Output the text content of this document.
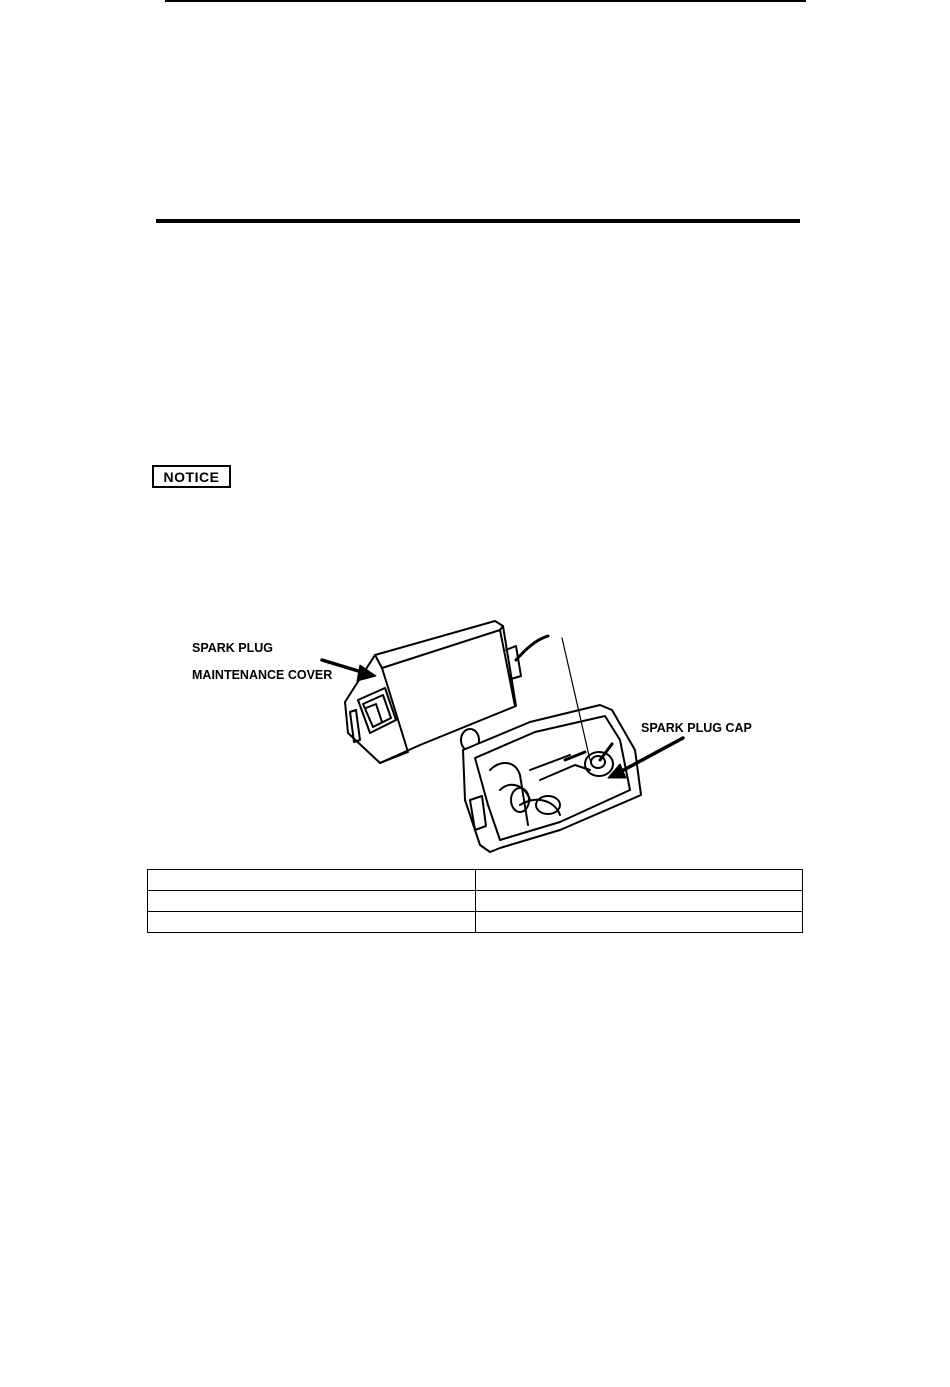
NOTICE
SPARK PLUG
MAINTENANCE COVER
SPARK PLUG CAP
